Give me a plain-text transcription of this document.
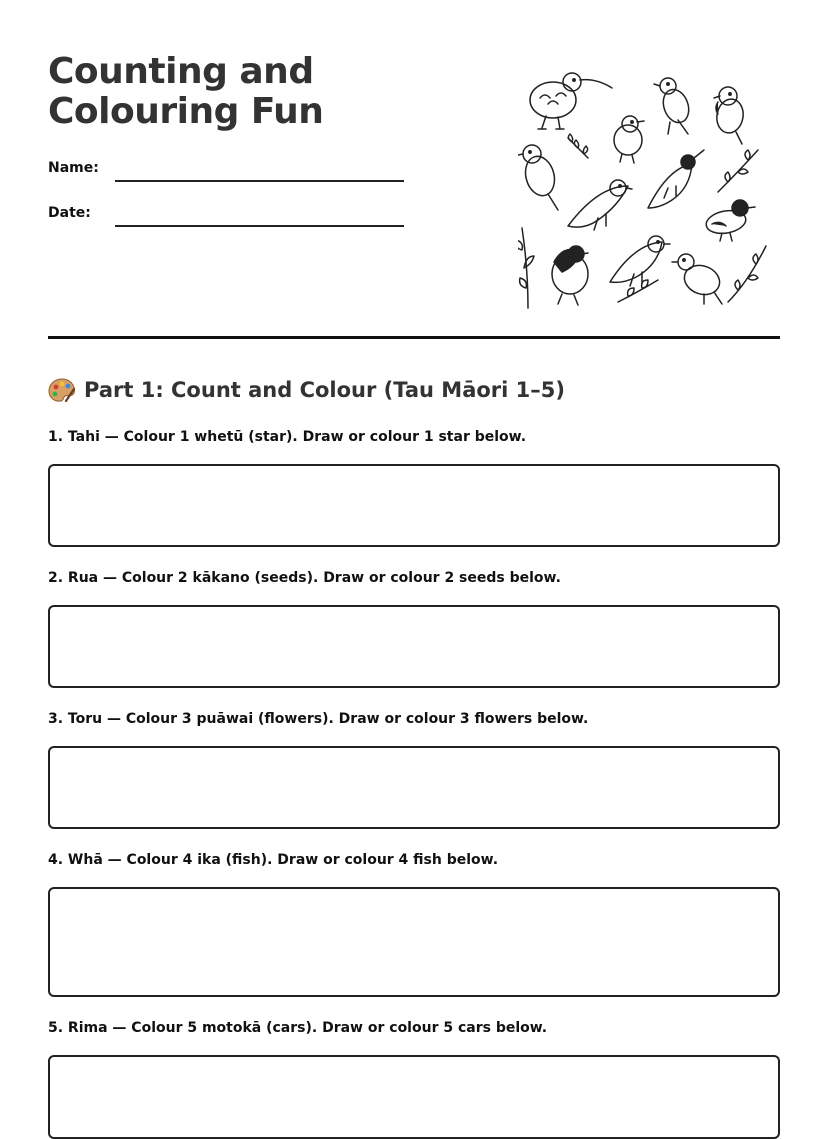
Counting and Colouring Fun
Name:
Date:
Part 1: Count and Colour (Tau Māori 1–5)

1. Tahi — Colour 1 whetū (star). Draw or colour 1 star below.

2. Rua — Colour 2 kākano (seeds). Draw or colour 2 seeds below.

3. Toru — Colour 3 puāwai (flowers). Draw or colour 3 flowers below.

4. Whā — Colour 4 ika (fish). Draw or colour 4 fish below.

5. Rima — Colour 5 motokā (cars). Draw or colour 5 cars below.
